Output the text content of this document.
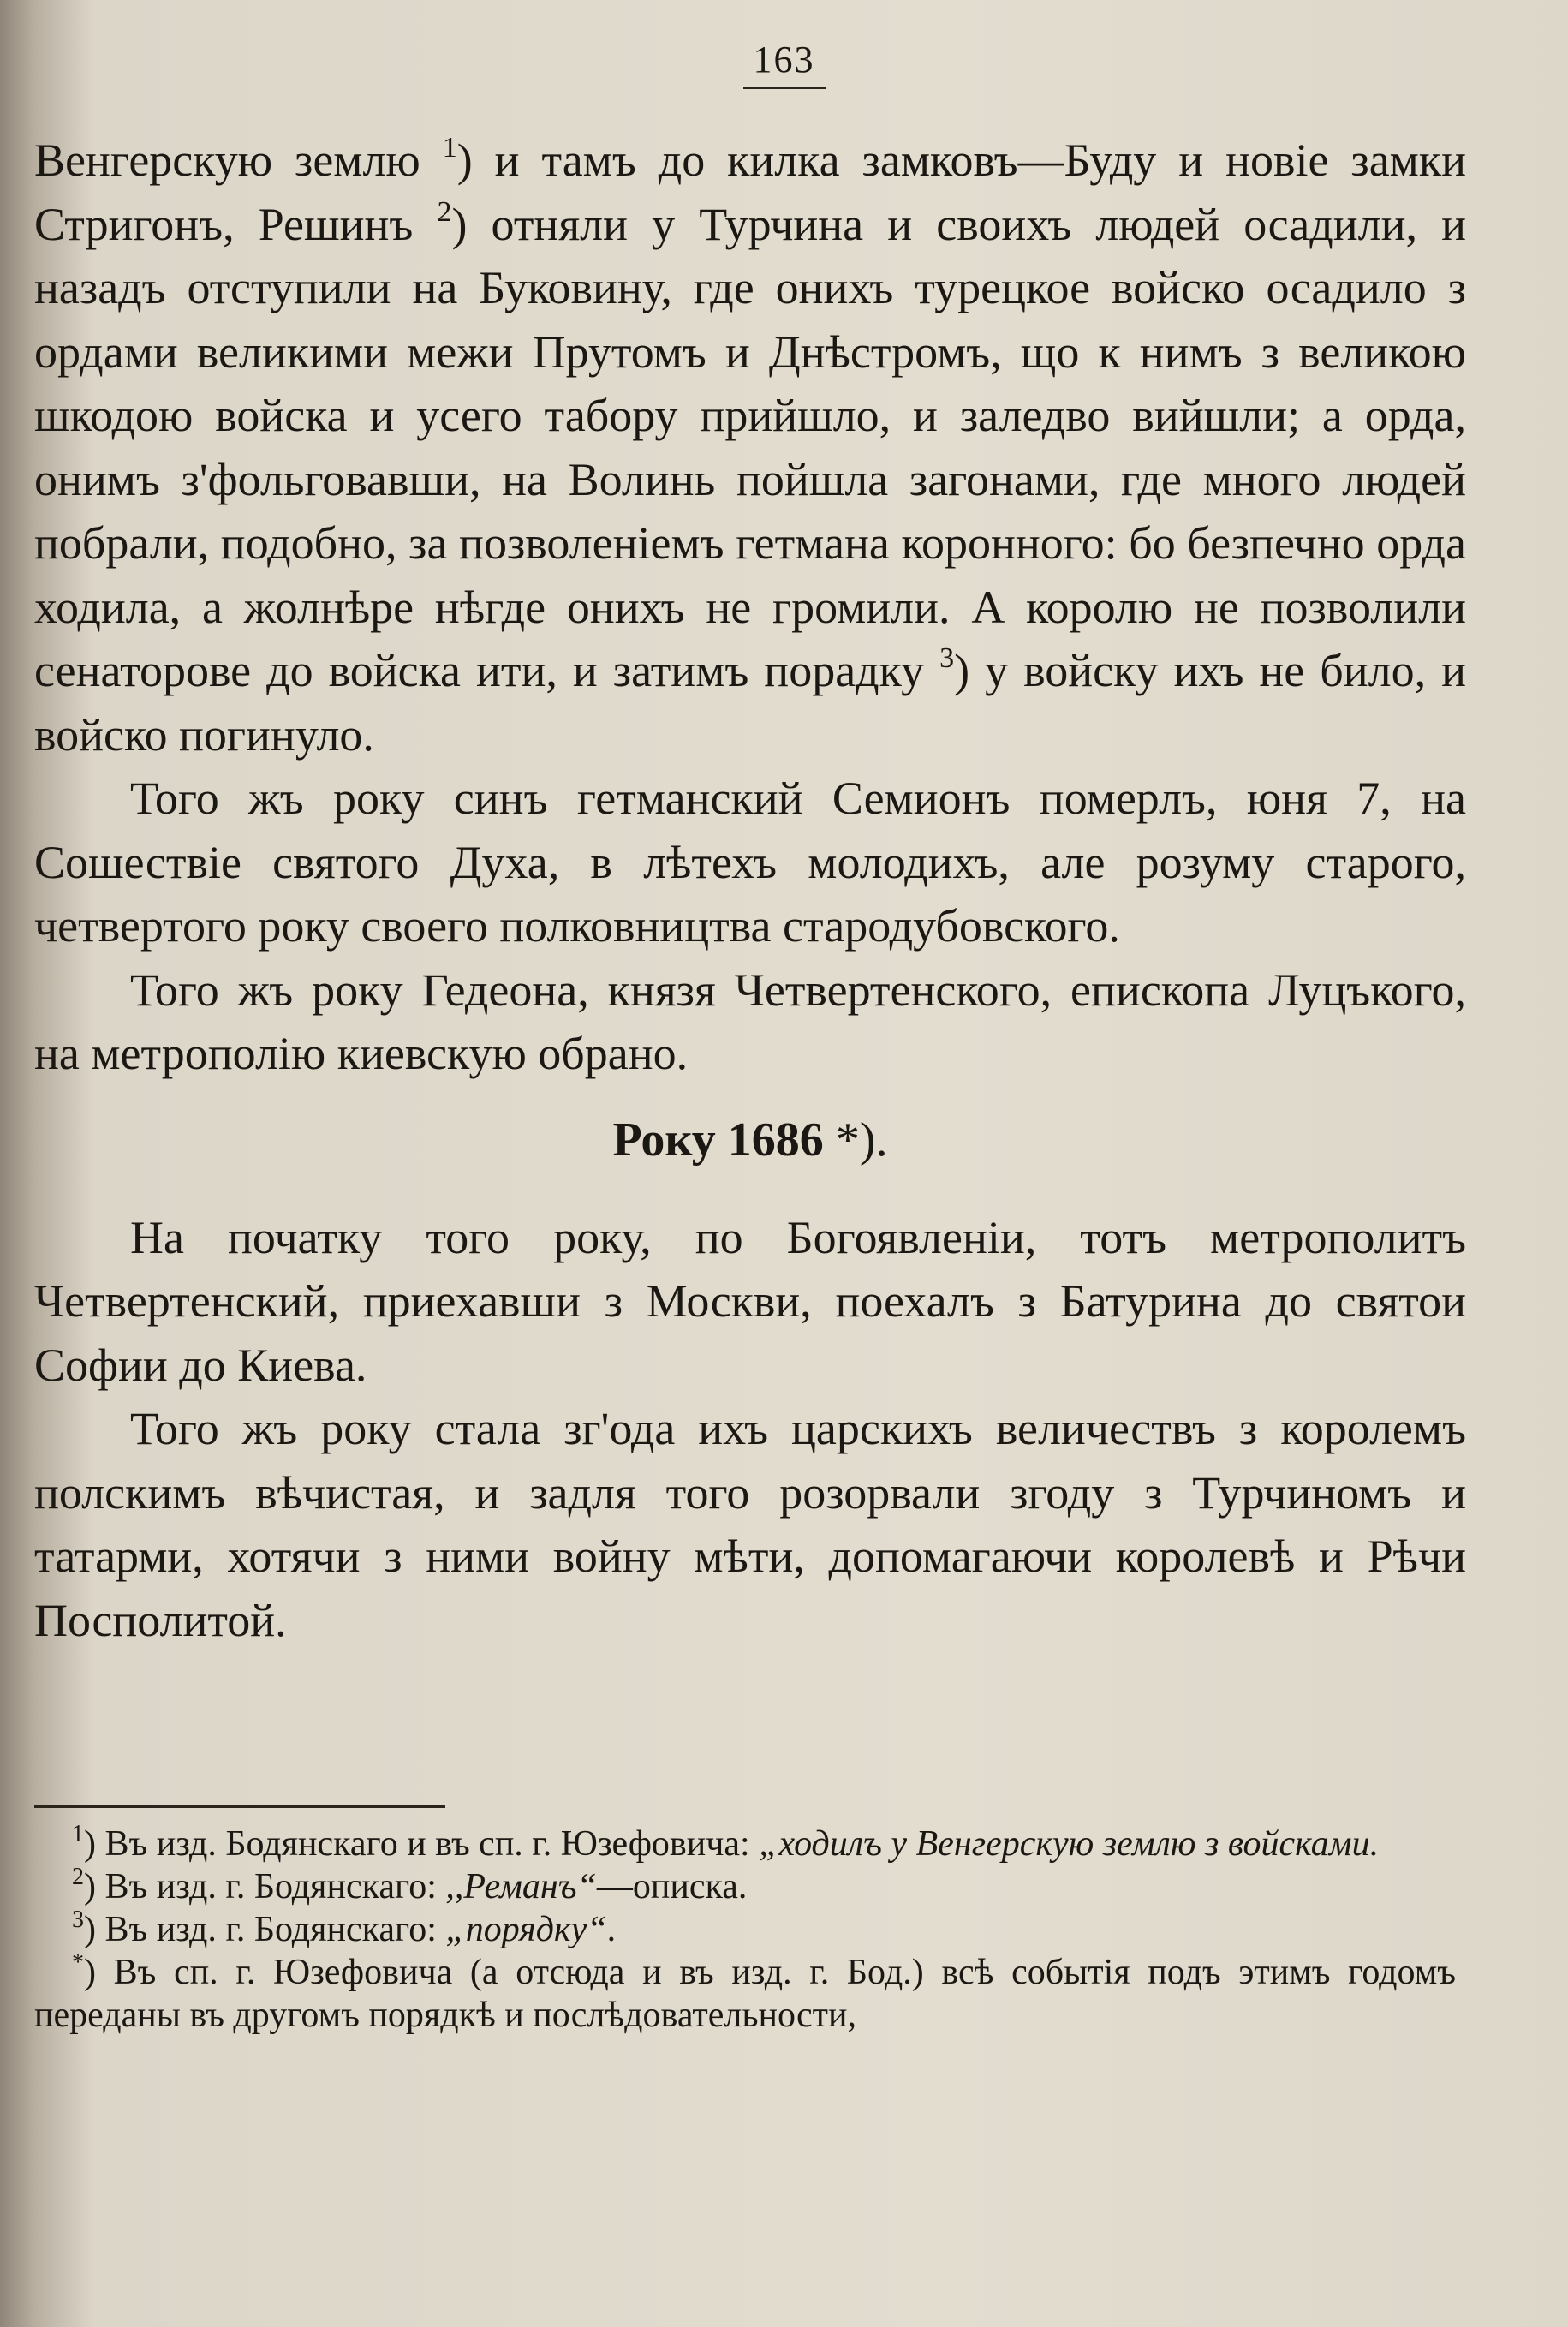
163

Венгерскую землю $^1$) и тамъ до килка замковъ—Буду и новіе замки Стригонъ, Решинъ $^2$) отняли у Турчина и своихъ людей осадили, и назадъ отступили на Буковину, где онихъ турецкое войско осадило з ордами великими межи Прутомъ и Днѣстромъ, що к нимъ з великою шкодою войска и усего табору прийшло, и заледво вийшли; а орда, онимъ з'фольговавши, на Волинь пойшла загонами, где много людей побрали, подобно, за позволеніемъ гетмана коронного: бо безпечно орда ходила, а жолнѣре нѣгде онихъ не громили. А королю не позволили сенаторове до войска ити, и затимъ порадку $^3$) у войску ихъ не било, и войско погинуло.

Того жъ року синъ гетманский Семионъ померлъ, юня 7, на Сошествіе святого Духа, в лѣтехъ молодихъ, але розуму старого, четвертого року своего полковництва стародубовского.

Того жъ року Гедеона, князя Четвертенского, епископа Луцъкого, на метрополію киевскую обрано.

Року 1686 *).

На початку того року, по Богоявленіи, тотъ метрополитъ Четвертенский, приехавши з Москви, поехалъ з Батурина до святои Софии до Киева.

Того жъ року стала зг'ода ихъ царскихъ величествъ з королемъ полскимъ вѣчистая, и задля того розорвали згоду з Турчиномъ и татарми, хотячи з ними войну мѣти, допомагаючи королевѣ и Рѣчи Посполитой.

$^1$) Въ изд. Бодянскаго и въ сп. г. Юзефовича: „ходилъ у Венгерскую землю з войсками.

$^2$) Въ изд. г. Бодянскаго: ,,Реманъ“—описка.

$^3$) Въ изд. г. Бодянскаго: „порядку“.

*) Въ сп. г. Юзефовича (а отсюда и въ изд. г. Бод.) всѣ событія подъ этимъ годомъ переданы въ другомъ порядкѣ и послѣдовательности,
